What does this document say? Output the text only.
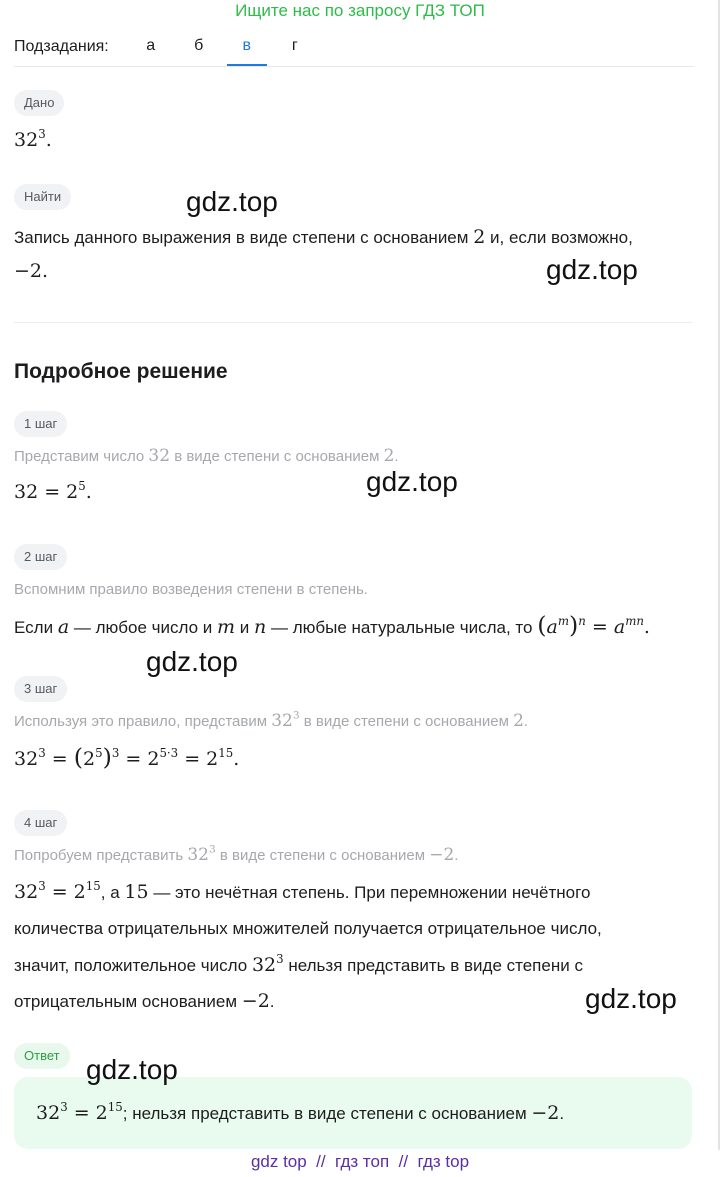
Ищите нас по запросу ГДЗ ТОП
Подзадания:	а	б	в	г
Дано
$32^3$.
Найти	gdz.top
Запись данного выражения в виде степени с основанием 2 и, если возможно,
−2.	gdz.top
Подробное решение
1 шаг
Представим число 32 в виде степени с основанием 2.
$32 = 2^5$.	gdz.top
2 шаг
Вспомним правило возведения степени в степень.
Если a — любое число и m и n — любые натуральные числа, то $(a^m)^n = a^{mn}$.
gdz.top
3 шаг
Используя это правило, представим $32^3$ в виде степени с основанием 2.
$32^3 = (2^5)^3 = 2^{5\cdot 3} = 2^{15}$.
4 шаг
Попробуем представить $32^3$ в виде степени с основанием −2.
$32^3 = 2^{15}$, а 15 — это нечётная степень. При перемножении нечётного
количества отрицательных множителей получается отрицательное число,
значит, положительное число $32^3$ нельзя представить в виде степени с
отрицательным основанием −2.	gdz.top
Ответ gdz.top
$32^3 = 2^{15}$; нельзя представить в виде степени с основанием −2.
gdz top  //  гдз топ  //  гдз top
